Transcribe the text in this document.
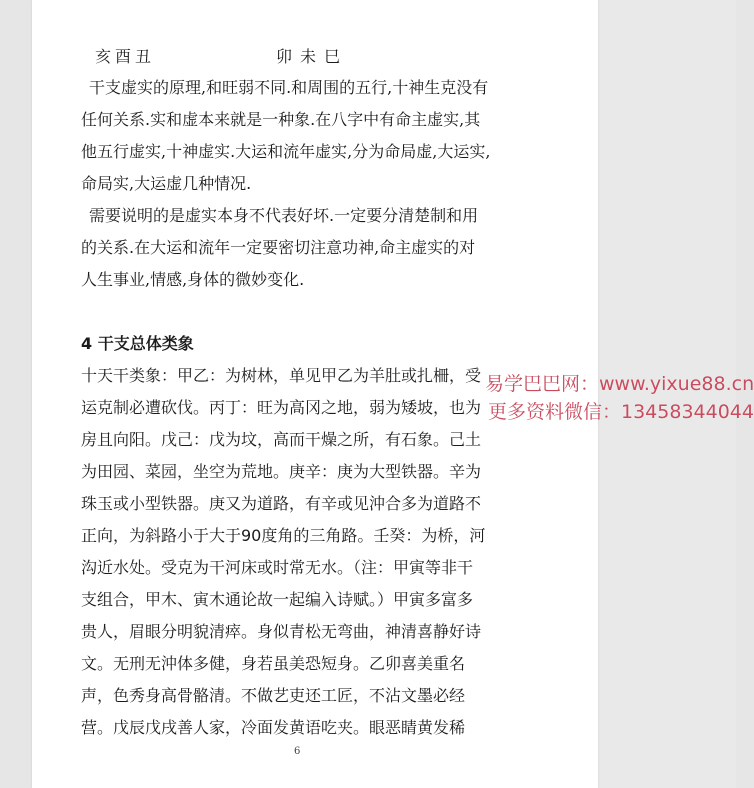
亥酉丑	卯未巳
干支虚实的原理,和旺弱不同.和周围的五行,十神生克没有
任何关系.实和虚本来就是一种象.在八字中有命主虚实,其
他五行虚实,十神虚实.大运和流年虚实,分为命局虚,大运实,
命局实,大运虚几种情况.
需要说明的是虚实本身不代表好坏.一定要分清楚制和用
的关系.在大运和流年一定要密切注意功神,命主虚实的对
人生事业,情感,身体的微妙变化.
4 干支总体类象
十天干类象：甲乙：为树林，单见甲乙为羊肚或扎柵，受
运克制必遭砍伐。丙丁：旺为高冈之地，弱为矮坡，也为
房且向阳。戊己：戊为坟，高而干燥之所，有石象。己土
为田园、菜园，坐空为荒地。庚辛：庚为大型铁器。辛为
珠玉或小型铁器。庚又为道路，有辛或见沖合多为道路不
正向，为斜路小于大于90度角的三角路。壬癸：为桥，河
沟近水处。受克为干河床或时常无水。（注：甲寅等非干
支组合，甲木、寅木通论故一起编入诗赋。）甲寅多富多
贵人，眉眼分明貌清瘁。身似青松无弯曲，神清喜静好诗
文。无刑无沖体多健，身若虽美恐短身。乙卯喜美重名
声，色秀身高骨骼清。不做艺吏还工匠，不沾文墨必经
营。戊辰戊戌善人家，冷面发黄语吃夹。眼恶睛黄发稀
6
易学巴巴网：www.yixue88.cn
更多资料微信：13458344044
